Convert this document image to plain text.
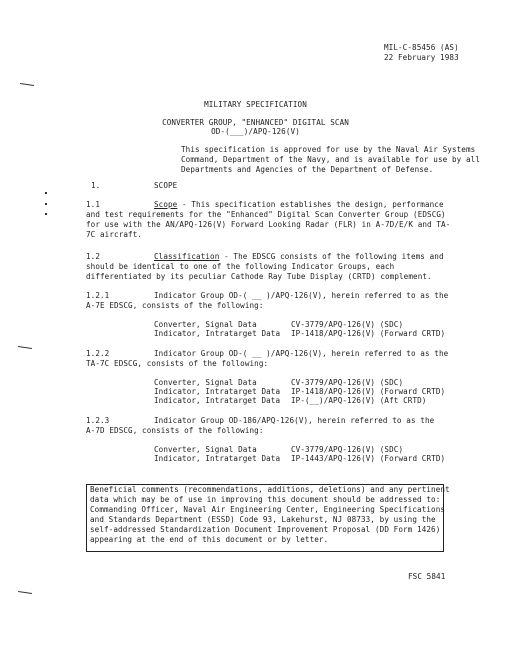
MIL-C-85456 (AS)
22 February 1983
MILITARY SPECIFICATION
CONVERTER GROUP, "ENHANCED" DIGITAL SCAN
OD-(___)/APQ-126(V)
This specification is approved for use by the Naval Air Systems
Command, Department of the Navy, and is available for use by all
Departments and Agencies of the Department of Defense.
1.	SCOPE
1.1	Scope - This specification establishes the design, performance
and test requirements for the "Enhanced" Digital Scan Converter Group (EDSCG)
for use with the AN/APQ-126(V) Forward Looking Radar (FLR) in A-7D/E/K and TA-
7C aircraft.
1.2	Classification - The EDSCG consists of the following items and
should be identical to one of the following Indicator Groups, each
differentiated by its peculiar Cathode Ray Tube Display (CRTD) complement.
1.2.1	Indicator Group OD-( __ )/APQ-126(V), herein referred to as the
A-7E EDSCG, consists of the following:
Converter, Signal Data	CV-3779/APQ-126(V) (SDC)
Indicator, Intratarget Data IP-1418/APQ-126(V) (Forward CRTD)
1.2.2	Indicator Group OD-( __ )/APQ-126(V), herein referred to as the
TA-7C EDSCG, consists of the following:
Converter, Signal Data	CV-3779/APQ-126(V) (SDC)
Indicator, Intratarget Data IP-1418/APQ-126(V) (Forward CRTD)
Indicator, Intratarget Data IP-(__)/APQ-126(V) (Aft CRTD)
1.2.3	Indicator Group OD-186/APQ-126(V), herein referred to as the
A-7D EDSCG, consists of the following:
Converter, Signal Data	CV-3779/APQ-126(V) (SDC)
Indicator, Intratarget Data IP-1443/APQ-126(V) (Forward CRTD)
Beneficial comments (recommendations, additions, deletions) and any pertinent
data which may be of use in improving this document should be addressed to:
Commanding Officer, Naval Air Engineering Center, Engineering Specifications
and Standards Department (ESSD) Code 93, Lakehurst, NJ 08733, by using the
self-addressed Standardization Document Improvement Proposal (DD Form 1426)
appearing at the end of this document or by letter.
FSC 5841
